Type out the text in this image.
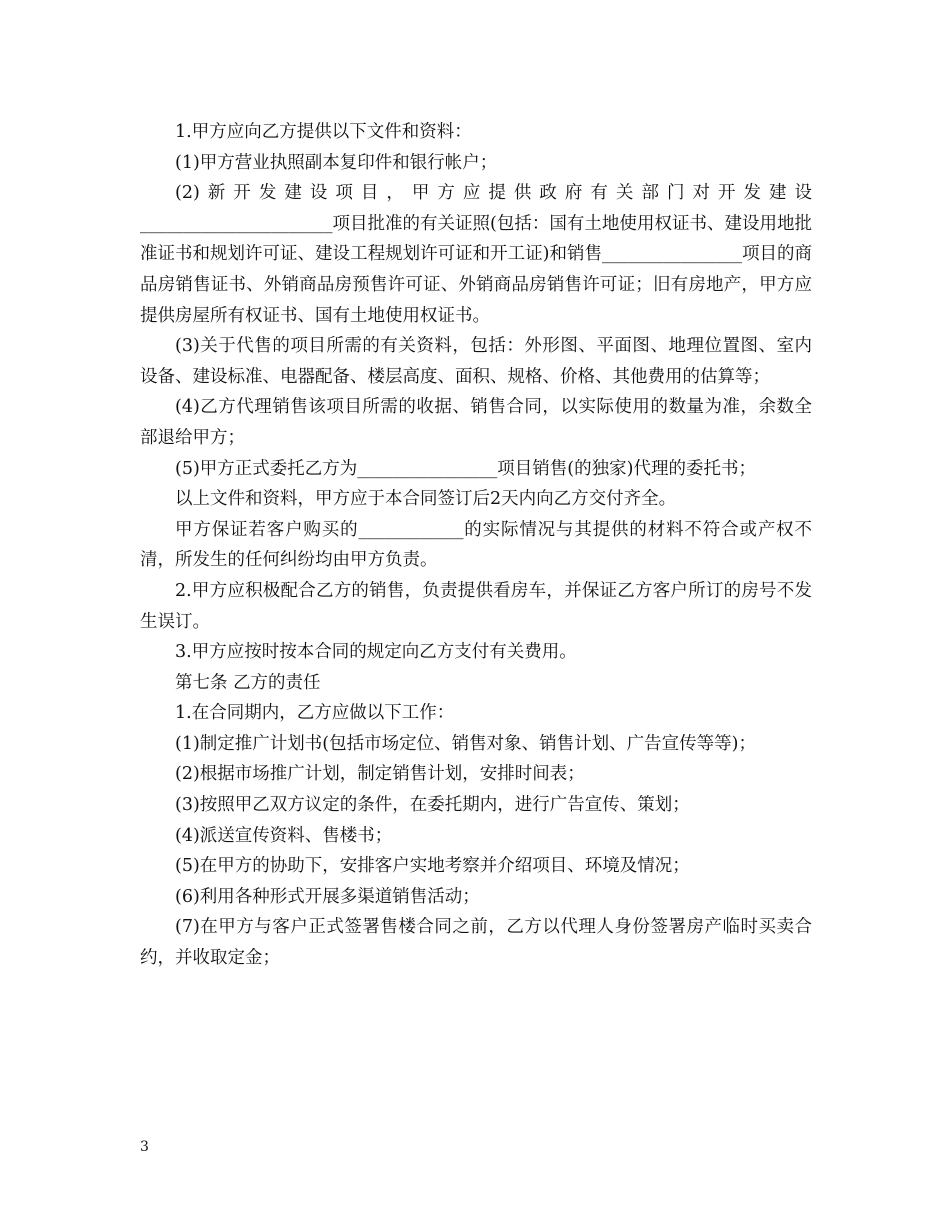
1.甲方应向乙方提供以下文件和资料：

(1)甲方营业执照副本复印件和银行帐户；

(2)新开发建设项目，甲方应提供政府有关部门对开发建设______________________项目批准的有关证照(包括：国有土地使用权证书、建设用地批准证书和规划许可证、建设工程规划许可证和开工证)和销售________________项目的商品房销售证书、外销商品房预售许可证、外销商品房销售许可证；旧有房地产，甲方应提供房屋所有权证书、国有土地使用权证书。

(3)关于代售的项目所需的有关资料，包括：外形图、平面图、地理位置图、室内设备、建设标准、电器配备、楼层高度、面积、规格、价格、其他费用的估算等；

(4)乙方代理销售该项目所需的收据、销售合同，以实际使用的数量为准，余数全部退给甲方；

(5)甲方正式委托乙方为________________项目销售(的独家)代理的委托书；

以上文件和资料，甲方应于本合同签订后2天内向乙方交付齐全。

甲方保证若客户购买的____________的实际情况与其提供的材料不符合或产权不清，所发生的任何纠纷均由甲方负责。

2.甲方应积极配合乙方的销售，负责提供看房车，并保证乙方客户所订的房号不发生误订。

3.甲方应按时按本合同的规定向乙方支付有关费用。

第七条 乙方的责任

1.在合同期内，乙方应做以下工作：

(1)制定推广计划书(包括市场定位、销售对象、销售计划、广告宣传等等)；

(2)根据市场推广计划，制定销售计划，安排时间表；

(3)按照甲乙双方议定的条件，在委托期内，进行广告宣传、策划；

(4)派送宣传资料、售楼书；

(5)在甲方的协助下，安排客户实地考察并介绍项目、环境及情况；

(6)利用各种形式开展多渠道销售活动；

(7)在甲方与客户正式签署售楼合同之前，乙方以代理人身份签署房产临时买卖合约，并收取定金；

3
